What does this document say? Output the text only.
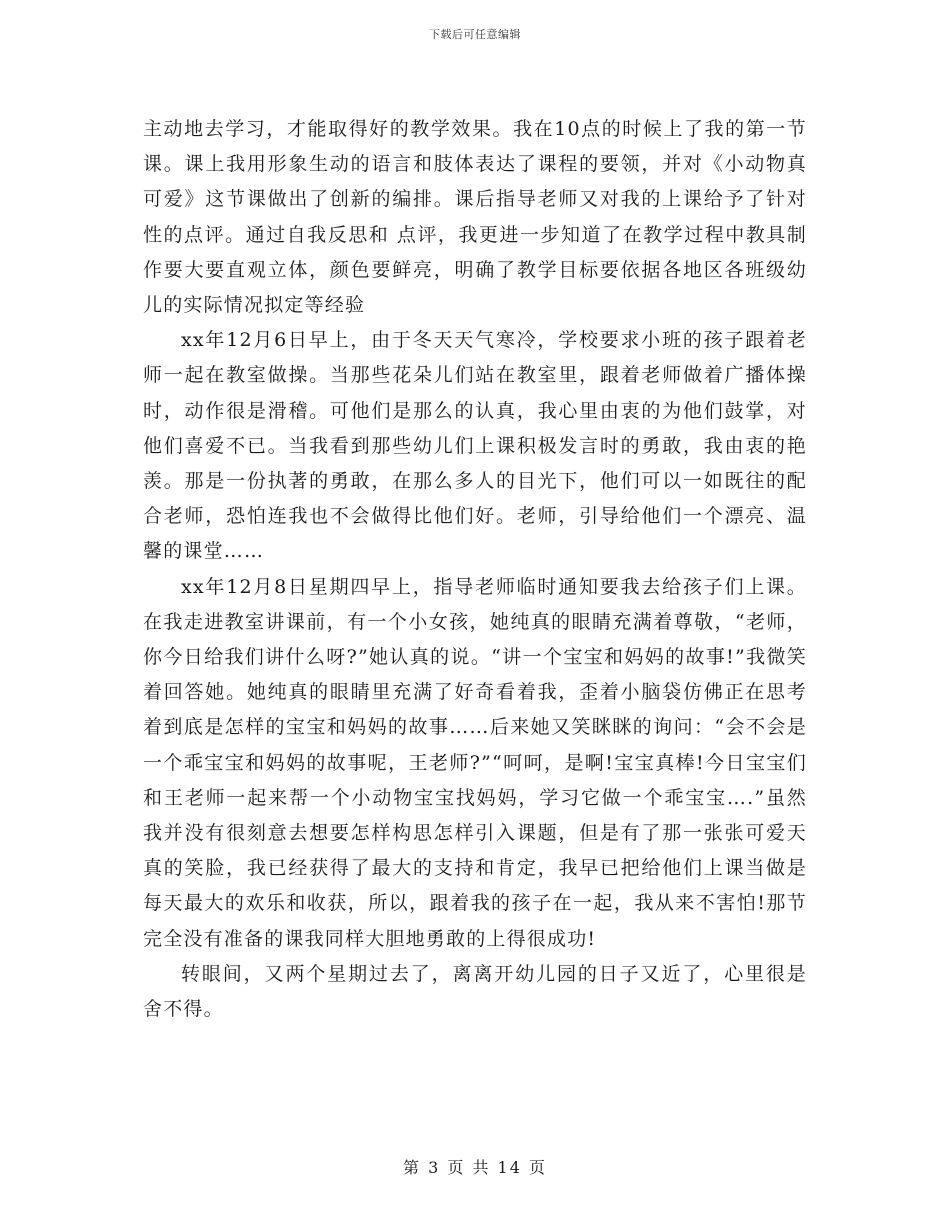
下载后可任意编辑

主动地去学习，才能取得好的教学效果。我在10点的时候上了我的第一节课。课上我用形象生动的语言和肢体表达了课程的要领，并对《小动物真可爱》这节课做出了创新的编排。课后指导老师又对我的上课给予了针对性的点评。通过自我反思和 点评，我更进一步知道了在教学过程中教具制作要大要直观立体，颜色要鲜亮，明确了教学目标要依据各地区各班级幼儿的实际情况拟定等经验

xx年12月6日早上，由于冬天天气寒冷，学校要求小班的孩子跟着老师一起在教室做操。当那些花朵儿们站在教室里，跟着老师做着广播体操时，动作很是滑稽。可他们是那么的认真，我心里由衷的为他们鼓掌，对他们喜爱不已。当我看到那些幼儿们上课积极发言时的勇敢，我由衷的艳羡。那是一份执著的勇敢，在那么多人的目光下，他们可以一如既往的配合老师，恐怕连我也不会做得比他们好。老师，引导给他们一个漂亮、温馨的课堂……

xx年12月8日星期四早上，指导老师临时通知要我去给孩子们上课。在我走进教室讲课前，有一个小女孩，她纯真的眼睛充满着尊敬，“老师，你今日给我们讲什么呀?”她认真的说。“讲一个宝宝和妈妈的故事!”我微笑着回答她。她纯真的眼睛里充满了好奇看着我，歪着小脑袋仿佛正在思考着到底是怎样的宝宝和妈妈的故事……后来她又笑眯眯的询问：“会不会是一个乖宝宝和妈妈的故事呢，王老师?”“呵呵，是啊!宝宝真棒!今日宝宝们和王老师一起来帮一个小动物宝宝找妈妈，学习它做一个乖宝宝….”虽然我并没有很刻意去想要怎样构思怎样引入课题，但是有了那一张张可爱天真的笑脸，我已经获得了最大的支持和肯定，我早已把给他们上课当做是每天最大的欢乐和收获，所以，跟着我的孩子在一起，我从来不害怕!那节完全没有准备的课我同样大胆地勇敢的上得很成功!

转眼间，又两个星期过去了，离离开幼儿园的日子又近了，心里很是舍不得。

第 3 页 共 14 页
